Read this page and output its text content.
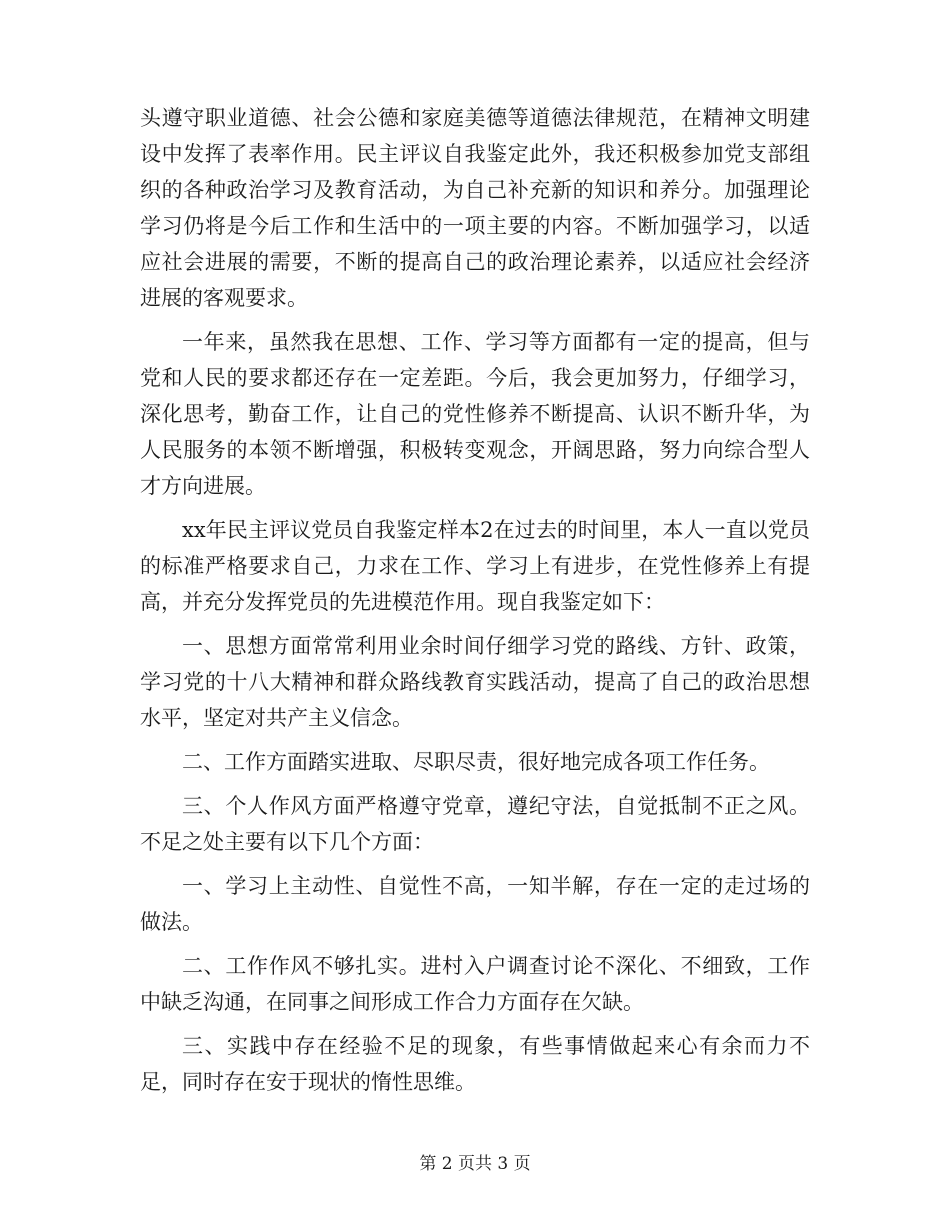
头遵守职业道德、社会公德和家庭美德等道德法律规范，在精神文明建设中发挥了表率作用。民主评议自我鉴定此外，我还积极参加党支部组织的各种政治学习及教育活动，为自己补充新的知识和养分。加强理论学习仍将是今后工作和生活中的一项主要的内容。不断加强学习，以适应社会进展的需要，不断的提高自己的政治理论素养，以适应社会经济进展的客观要求。

一年来，虽然我在思想、工作、学习等方面都有一定的提高，但与党和人民的要求都还存在一定差距。今后，我会更加努力，仔细学习，深化思考，勤奋工作，让自己的党性修养不断提高、认识不断升华，为人民服务的本领不断增强，积极转变观念，开阔思路，努力向综合型人才方向进展。

xx年民主评议党员自我鉴定样本2在过去的时间里，本人一直以党员的标准严格要求自己，力求在工作、学习上有进步，在党性修养上有提高，并充分发挥党员的先进模范作用。现自我鉴定如下：

一、思想方面常常利用业余时间仔细学习党的路线、方针、政策，学习党的十八大精神和群众路线教育实践活动，提高了自己的政治思想水平，坚定对共产主义信念。

二、工作方面踏实进取、尽职尽责，很好地完成各项工作任务。

三、个人作风方面严格遵守党章，遵纪守法，自觉抵制不正之风。不足之处主要有以下几个方面：

一、学习上主动性、自觉性不高，一知半解，存在一定的走过场的做法。

二、工作作风不够扎实。进村入户调查讨论不深化、不细致，工作中缺乏沟通，在同事之间形成工作合力方面存在欠缺。

三、实践中存在经验不足的现象，有些事情做起来心有余而力不足，同时存在安于现状的惰性思维。

第 2 页共 3 页
